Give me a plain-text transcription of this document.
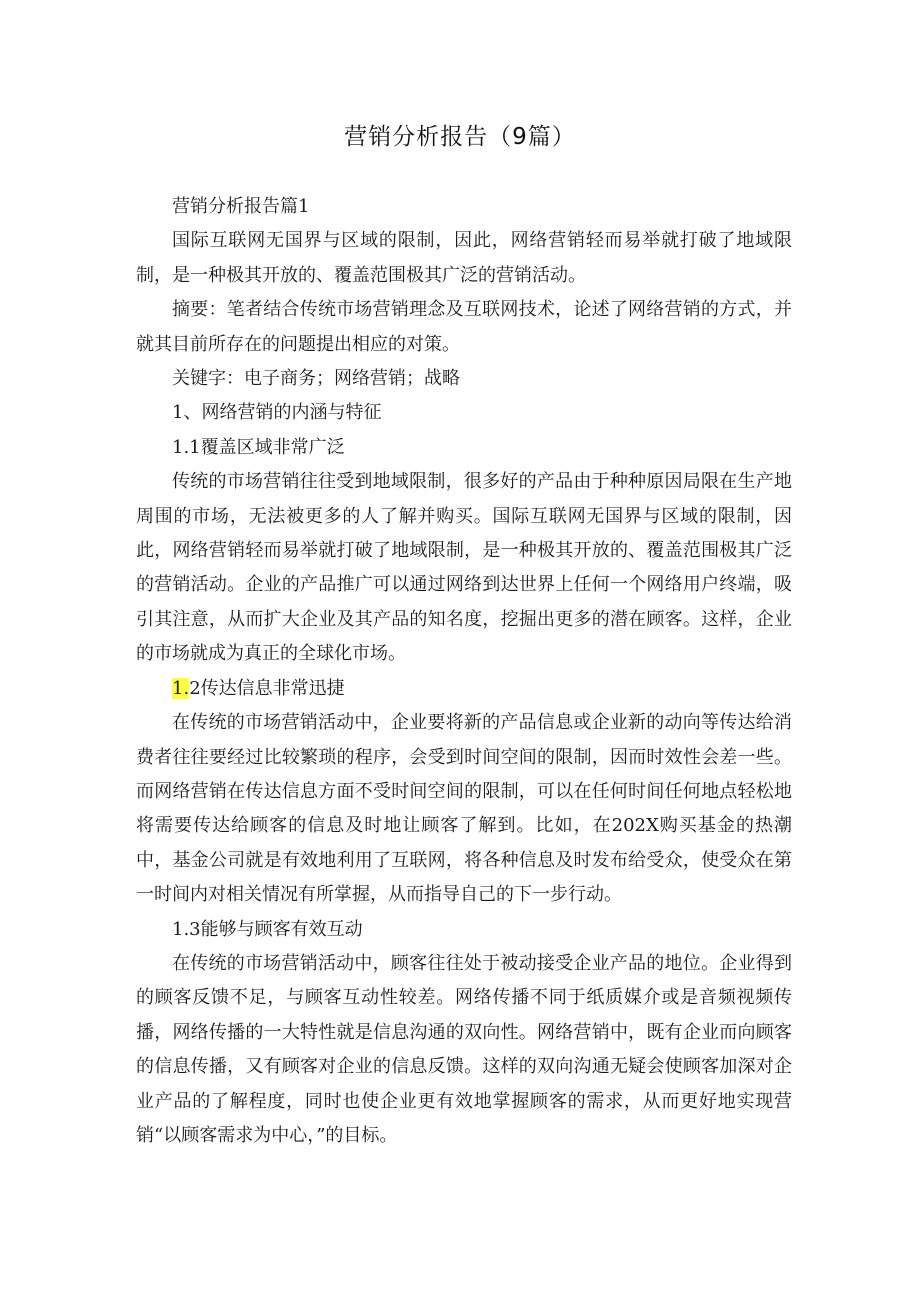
营销分析报告（9篇）

营销分析报告篇1

国际互联网无国界与区域的限制，因此，网络营销轻而易举就打破了地域限制，是一种极其开放的、覆盖范围极其广泛的营销活动。

摘要：笔者结合传统市场营销理念及互联网技术，论述了网络营销的方式，并就其目前所存在的问题提出相应的对策。

关键字：电子商务；网络营销；战略

1、网络营销的内涵与特征

1.1覆盖区域非常广泛

传统的市场营销往往受到地域限制，很多好的产品由于种种原因局限在生产地周围的市场，无法被更多的人了解并购买。国际互联网无国界与区域的限制，因此，网络营销轻而易举就打破了地域限制，是一种极其开放的、覆盖范围极其广泛的营销活动。企业的产品推广可以通过网络到达世界上任何一个网络用户终端，吸引其注意，从而扩大企业及其产品的知名度，挖掘出更多的潜在顾客。这样，企业的市场就成为真正的全球化市场。

1.2传达信息非常迅捷

在传统的市场营销活动中，企业要将新的产品信息或企业新的动向等传达给消费者往往要经过比较繁琐的程序，会受到时间空间的限制，因而时效性会差一些。而网络营销在传达信息方面不受时间空间的限制，可以在任何时间任何地点轻松地将需要传达给顾客的信息及时地让顾客了解到。比如，在202X购买基金的热潮中，基金公司就是有效地利用了互联网，将各种信息及时发布给受众，使受众在第一时间内对相关情况有所掌握，从而指导自己的下一步行动。

1.3能够与顾客有效互动

在传统的市场营销活动中，顾客往往处于被动接受企业产品的地位。企业得到的顾客反馈不足，与顾客互动性较差。网络传播不同于纸质媒介或是音频视频传播，网络传播的一大特性就是信息沟通的双向性。网络营销中，既有企业而向顾客的信息传播，又有顾客对企业的信息反馈。这样的双向沟通无疑会使顾客加深对企业产品的了解程度，同时也使企业更有效地掌握顾客的需求，从而更好地实现营销“以顾客需求为中心，”的目标。
